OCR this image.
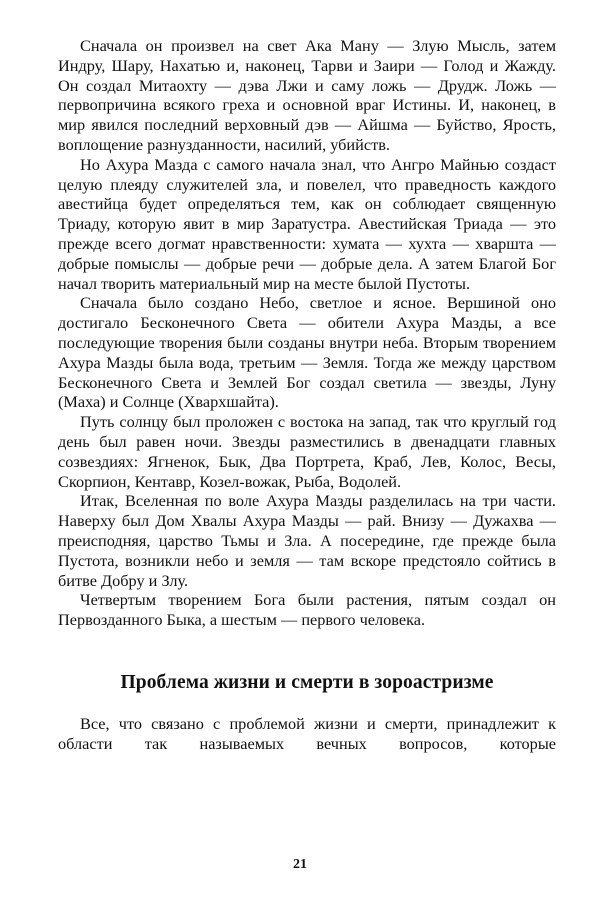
Сначала он произвел на свет Ака Ману — Злую Мысль, затем Индру, Шару, Нахатью и, наконец, Тарви и Заири — Голод и Жажду. Он создал Митаохту — дэва Лжи и саму ложь — Друдж. Ложь — первопричина всякого греха и основной враг Истины. И, наконец, в мир явился последний верховный дэв — Айшма — Буйство, Ярость, воплощение разнузданности, насилий, убийств.

Но Ахура Мазда с самого начала знал, что Ангро Майнью создаст целую плеяду служителей зла, и повелел, что праведность каждого авестийца будет определяться тем, как он соблюдает священную Триаду, которую явит в мир Заратустра. Авестийская Триада — это прежде всего догмат нравственности: хумата — хухта — хваршта — добрые помыслы — добрые речи — добрые дела. А затем Благой Бог начал творить материальный мир на месте былой Пустоты.

Сначала было создано Небо, светлое и ясное. Вершиной оно достигало Бесконечного Света — обители Ахура Мазды, а все последующие творения были созданы внутри неба. Вторым творением Ахура Мазды была вода, третьим — Земля. Тогда же между царством Бесконечного Света и Землей Бог создал светила — звезды, Луну (Маха) и Солнце (Хвархшайта).

Путь солнцу был проложен с востока на запад, так что круглый год день был равен ночи. Звезды разместились в двенадцати главных созвездиях: Ягненок, Бык, Два Портрета, Краб, Лев, Колос, Весы, Скорпион, Кентавр, Козел-вожак, Рыба, Водолей.

Итак, Вселенная по воле Ахура Мазды разделилась на три части. Наверху был Дом Хвалы Ахура Мазды — рай. Внизу — Дужахва — преисподняя, царство Тьмы и Зла. А посередине, где прежде была Пустота, возникли небо и земля — там вскоре предстояло сойтись в битве Добру и Злу.

Четвертым творением Бога были растения, пятым создал он Первозданного Быка, а шестым — первого человека.

Проблема жизни и смерти в зороастризме

Все, что связано с проблемой жизни и смерти, принадлежит к области так называемых вечных вопросов, которые

21
